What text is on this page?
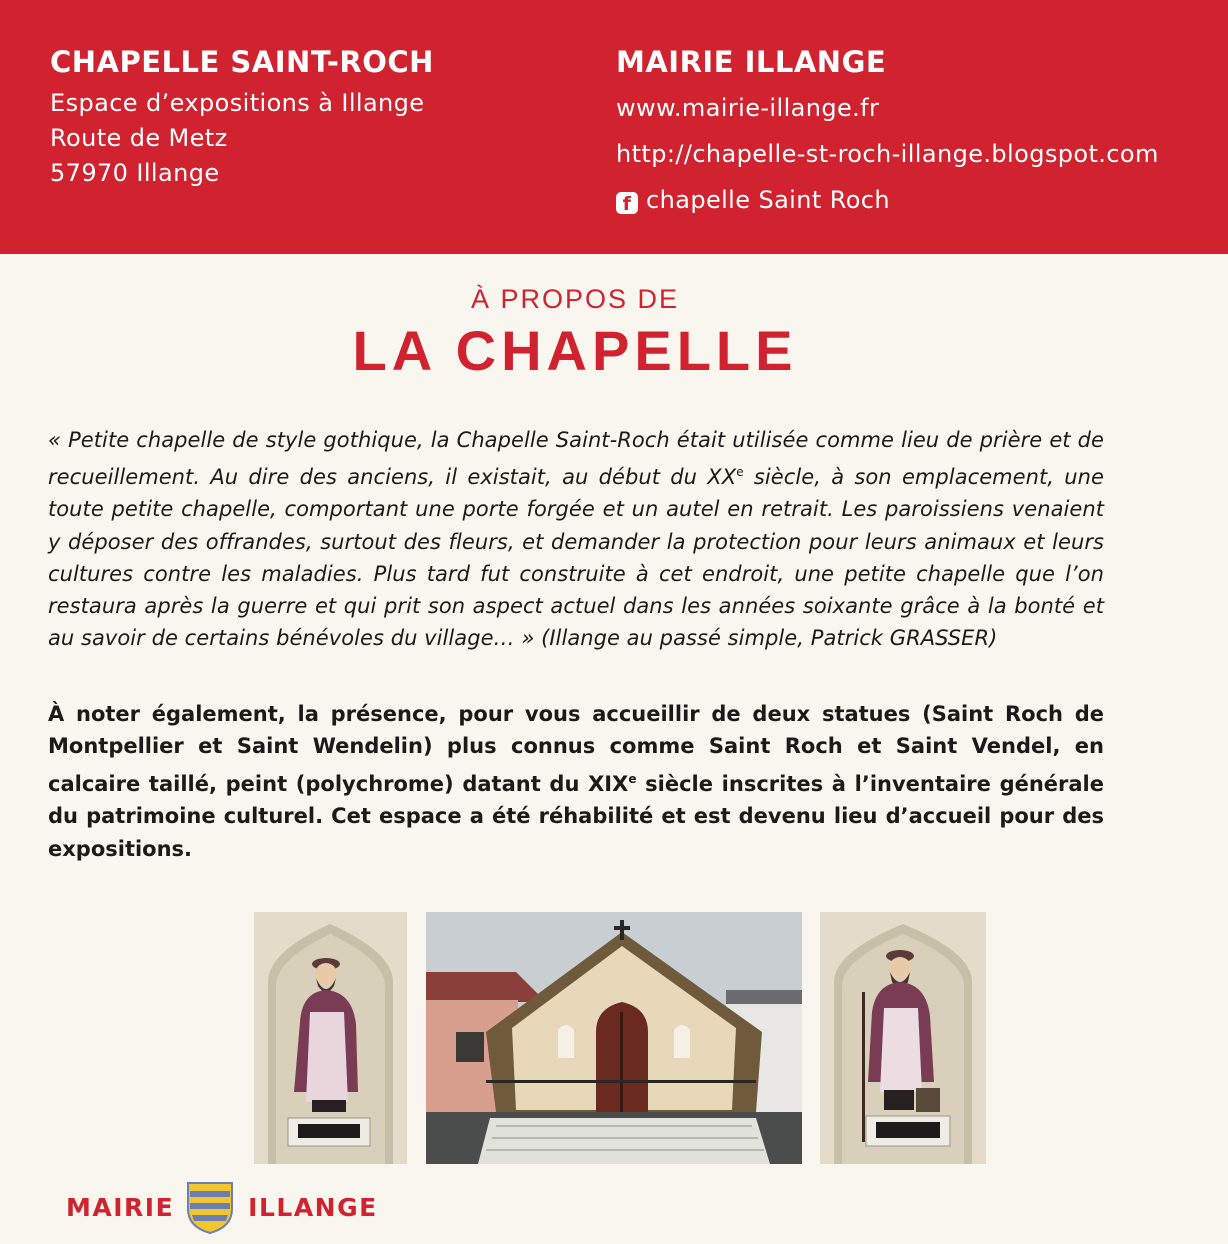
CHAPELLE SAINT-ROCH
Espace d’expositions à Illange
Route de Metz
57970 Illange
MAIRIE ILLANGE
www.mairie-illange.fr
http://chapelle-st-roch-illange.blogspot.com
f chapelle Saint Roch
À PROPOS DE
LA CHAPELLE

« Petite chapelle de style gothique, la Chapelle Saint-Roch était utilisée comme lieu de prière et de recueillement. Au dire des anciens, il existait, au début du XXe siècle, à son emplacement, une toute petite chapelle, comportant une porte forgée et un autel en retrait. Les paroissiens venaient y déposer des offrandes, surtout des fleurs, et demander la protection pour leurs animaux et leurs cultures contre les maladies. Plus tard fut construite à cet endroit, une petite chapelle que l’on restaura après la guerre et qui prit son aspect actuel dans les années soixante grâce à la bonté et au savoir de certains bénévoles du village… » (Illange au passé simple, Patrick GRASSER)

À noter également, la présence, pour vous accueillir de deux statues (Saint Roch de Montpellier et Saint Wendelin) plus connus comme Saint Roch et Saint Vendel, en calcaire taillé, peint (polychrome) datant du XIXe siècle inscrites à l’inventaire générale du patrimoine culturel. Cet espace a été réhabilité et est devenu lieu d’accueil pour des expositions.

MAIRIE	ILLANGE
